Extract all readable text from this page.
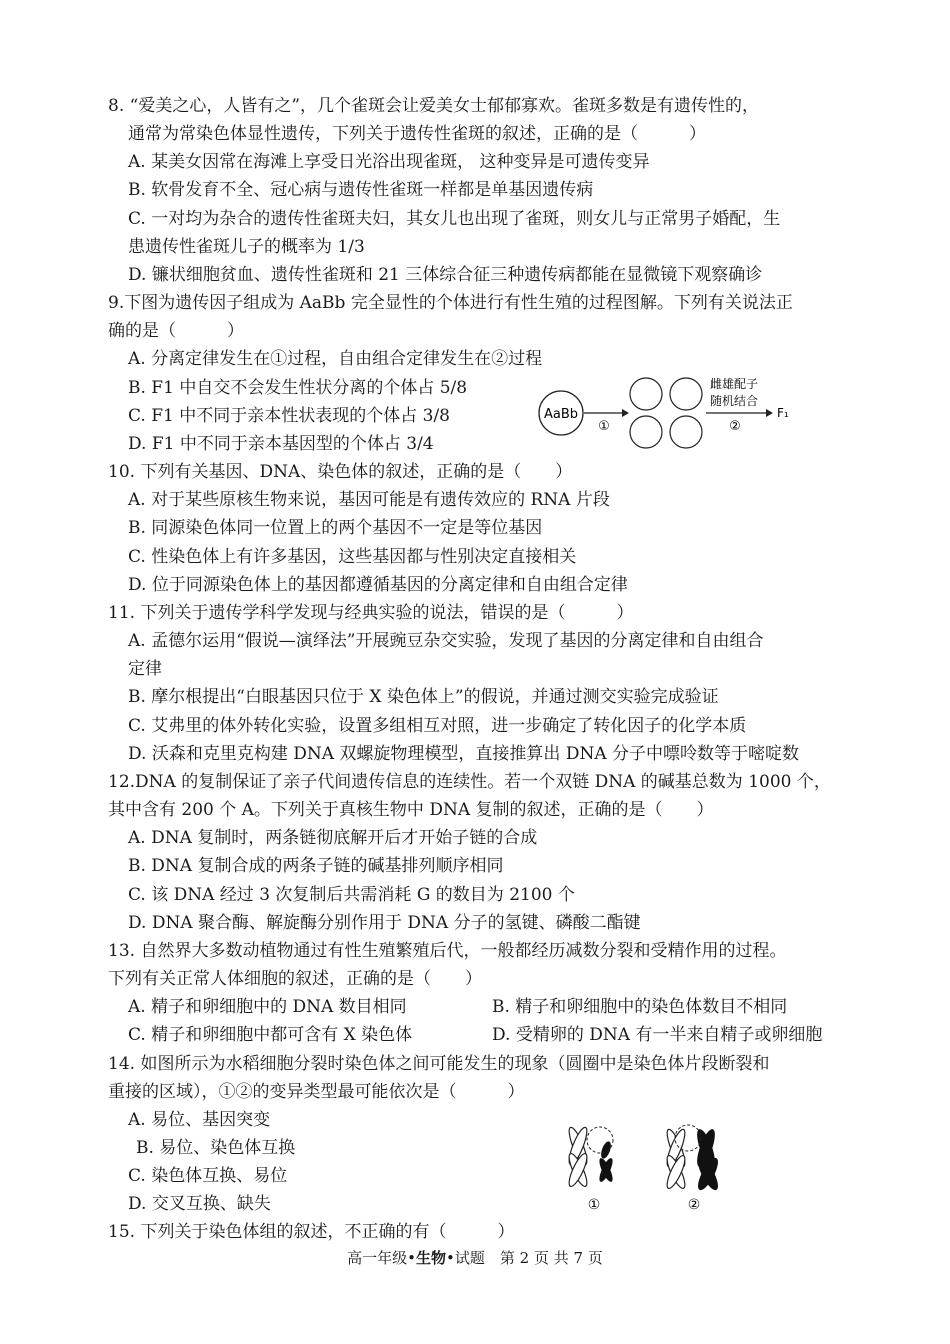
8. “爱美之心，人皆有之”，几个雀斑会让爱美女士郁郁寡欢。雀斑多数是有遗传性的，
通常为常染色体显性遗传，下列关于遗传性雀斑的叙述，正确的是（　　　）
A. 某美女因常在海滩上享受日光浴出现雀斑， 这种变异是可遗传变异
B. 软骨发育不全、冠心病与遗传性雀斑一样都是单基因遗传病
C. 一对均为杂合的遗传性雀斑夫妇，其女儿也出现了雀斑，则女儿与正常男子婚配，生
患遗传性雀斑儿子的概率为 1/3
D. 镰状细胞贫血、遗传性雀斑和 21 三体综合征三种遗传病都能在显微镜下观察确诊
9.下图为遗传因子组成为 AaBb 完全显性的个体进行有性生殖的过程图解。下列有关说法正
确的是（　　　）
A. 分离定律发生在①过程，自由组合定律发生在②过程
B. F1 中自交不会发生性状分离的个体占 5/8
C. F1 中不同于亲本性状表现的个体占 3/8
D. F1 中不同于亲本基因型的个体占 3/4
AaBb
①
雌雄配子
随机结合
②
F₁
10. 下列有关基因、DNA、染色体的叙述，正确的是（　　）
A. 对于某些原核生物来说，基因可能是有遗传效应的 RNA 片段
B. 同源染色体同一位置上的两个基因不一定是等位基因
C. 性染色体上有许多基因，这些基因都与性别决定直接相关
D. 位于同源染色体上的基因都遵循基因的分离定律和自由组合定律
11. 下列关于遗传学科学发现与经典实验的说法，错误的是（　　　）
A. 孟德尔运用“假说—演绎法”开展豌豆杂交实验，发现了基因的分离定律和自由组合
定律
B. 摩尔根提出“白眼基因只位于 X 染色体上”的假说，并通过测交实验完成验证
C. 艾弗里的体外转化实验，设置多组相互对照，进一步确定了转化因子的化学本质
D. 沃森和克里克构建 DNA 双螺旋物理模型，直接推算出 DNA 分子中嘌呤数等于嘧啶数
12.DNA 的复制保证了亲子代间遗传信息的连续性。若一个双链 DNA 的碱基总数为 1000 个，
其中含有 200 个 A。下列关于真核生物中 DNA 复制的叙述，正确的是（　　）
A. DNA 复制时，两条链彻底解开后才开始子链的合成
B. DNA 复制合成的两条子链的碱基排列顺序相同
C. 该 DNA 经过 3 次复制后共需消耗 G 的数目为 2100 个
D. DNA 聚合酶、解旋酶分别作用于 DNA 分子的氢键、磷酸二酯键
13. 自然界大多数动植物通过有性生殖繁殖后代，一般都经历减数分裂和受精作用的过程。
下列有关正常人体细胞的叙述，正确的是（　　）
A. 精子和卵细胞中的 DNA 数目相同	B. 精子和卵细胞中的染色体数目不相同
C. 精子和卵细胞中都可含有 X 染色体	D. 受精卵的 DNA 有一半来自精子或卵细胞
14. 如图所示为水稻细胞分裂时染色体之间可能发生的现象（圆圈中是染色体片段断裂和
重接的区域），①②的变异类型最可能依次是（　　　）
A. 易位、基因突变
B. 易位、染色体互换
C. 染色体互换、易位
D. 交叉互换、缺失	①	②
15. 下列关于染色体组的叙述，不正确的有（　　　）
高一年级•生物•试题  第 2 页 共 7 页
